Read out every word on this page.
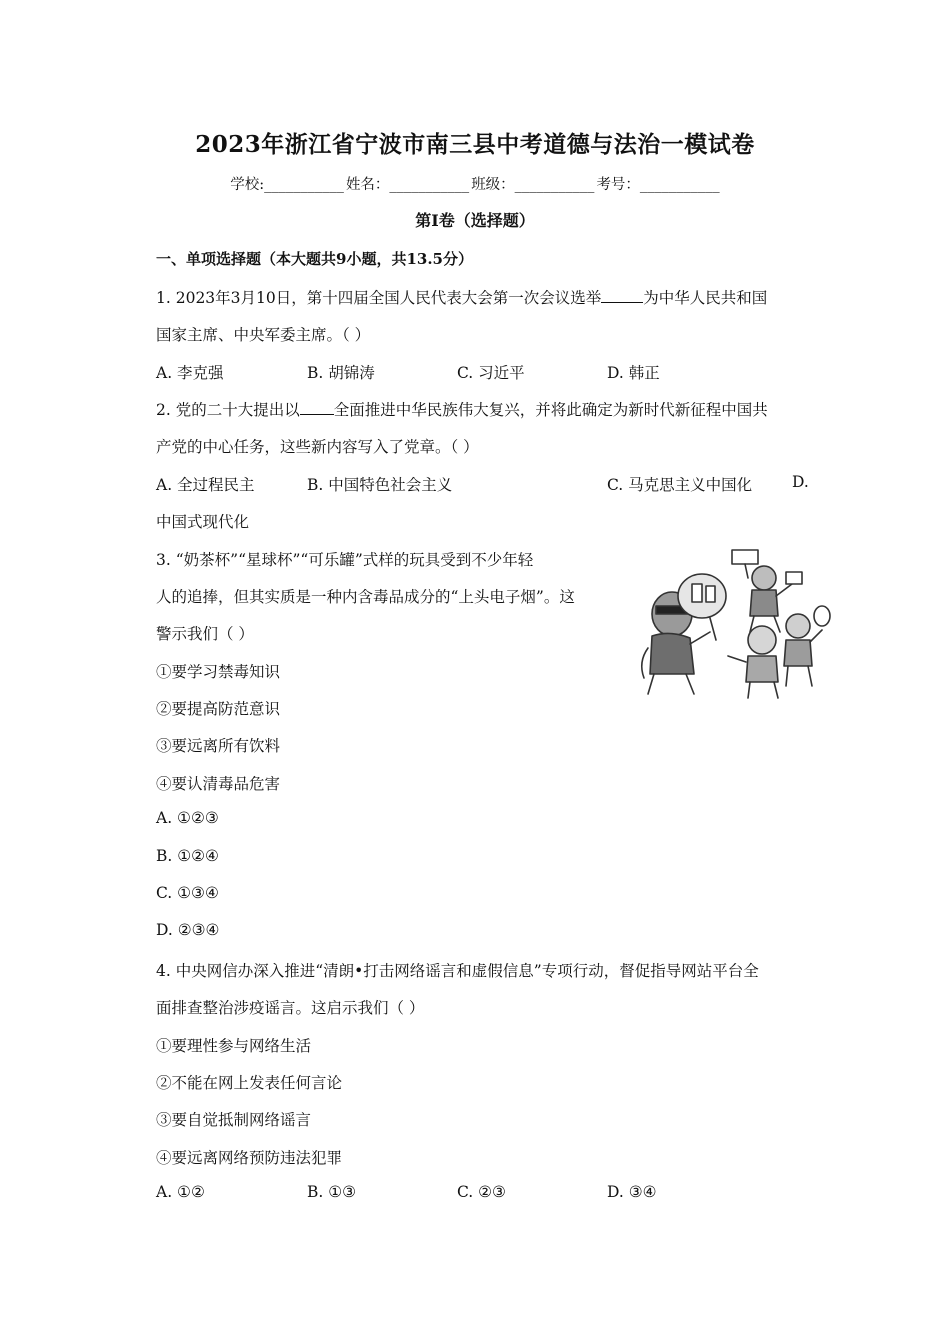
2023年浙江省宁波市南三县中考道德与法治一模试卷
学校:___________ 姓名：___________ 班级：___________ 考号：___________
第I卷（选择题）
一、单项选择题（本大题共9小题，共13.5分）
1. 2023年3月10日，第十四届全国人民代表大会第一次会议选举	为中华人民共和国
国家主席、中央军委主席。（ ）
A. 李克强	B. 胡锦涛	C. 习近平	D. 韩正
2. 党的二十大提出以 全面推进中华民族伟大复兴，并将此确定为新时代新征程中国共
产党的中心任务，这些新内容写入了党章。（ ）
A. 全过程民主	B. 中国特色社会主义	C. 马克思主义中国化	D.
中国式现代化
3. “奶茶杯”“星球杯”“可乐罐”式样的玩具受到不少年轻
人的追捧，但其实质是一种内含毒品成分的“上头电子烟”。这
警示我们（ ）
①要学习禁毒知识
②要提高防范意识
③要远离所有饮料
④要认清毒品危害
A. ①②③
B. ①②④
C. ①③④
D. ②③④
4. 中央网信办深入推进“清朗•打击网络谣言和虚假信息”专项行动，督促指导网站平台全
面排查整治涉疫谣言。这启示我们（ ）
①要理性参与网络生活
②不能在网上发表任何言论
③要自觉抵制网络谣言
④要远离网络预防违法犯罪
A. ①②	B. ①③	C. ②③	D. ③④
